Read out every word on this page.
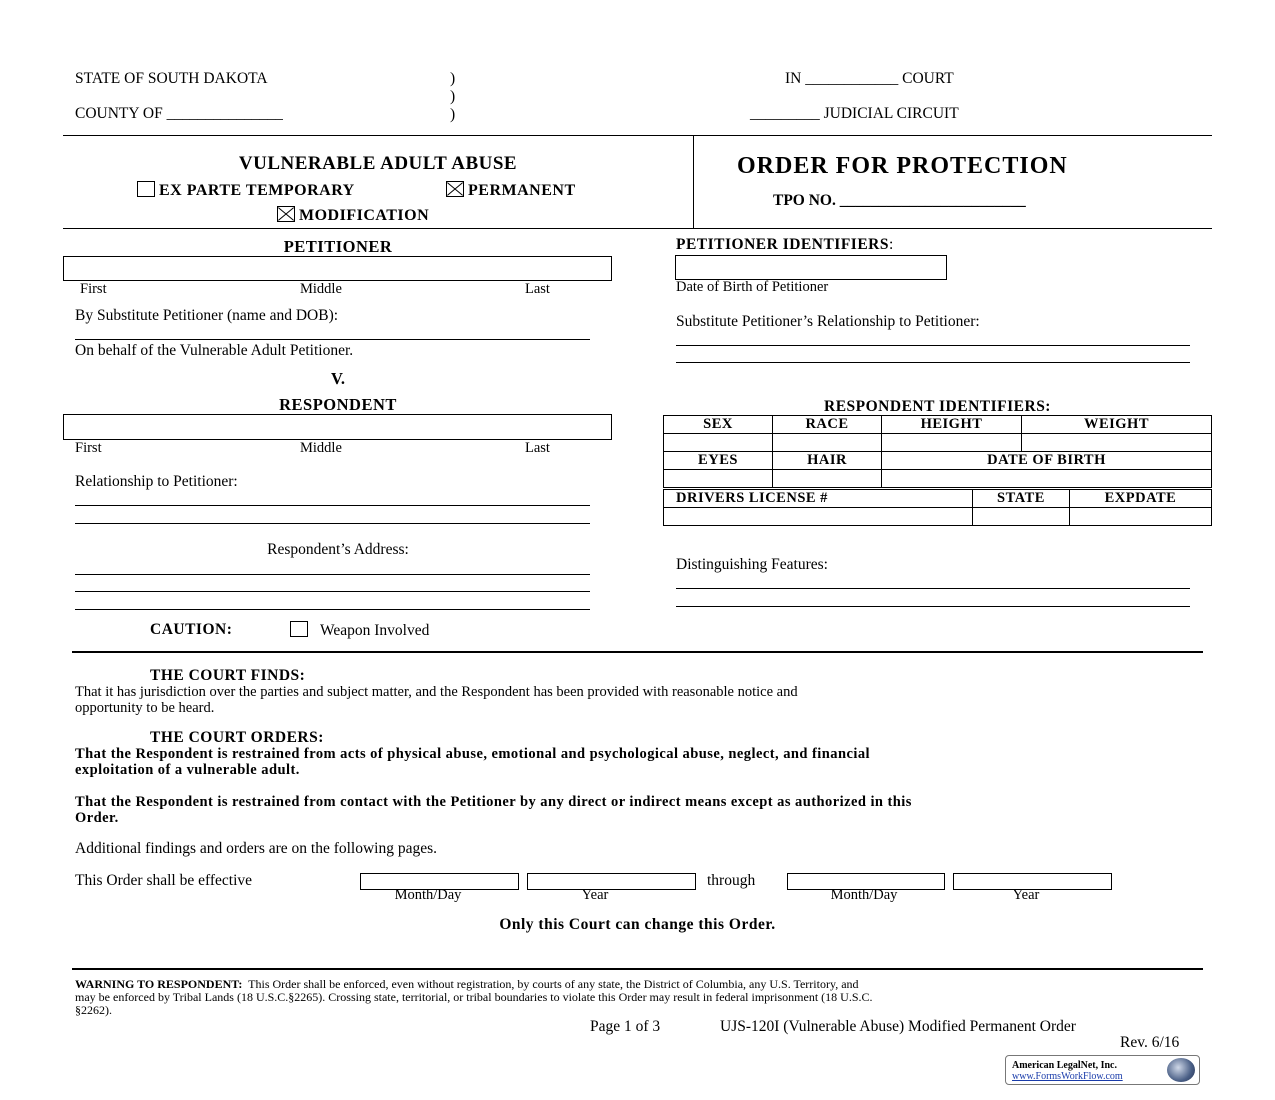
STATE OF SOUTH DAKOTA
COUNTY OF _______________
)
)
)
IN ____________ COURT
_________ JUDICIAL CIRCUIT
VULNERABLE ADULT ABUSE
EX PARTE TEMPORARY	PERMANENT
MODIFICATION
ORDER FOR PROTECTION
TPO NO. ________________________
PETITIONER
First	Middle	Last
By Substitute Petitioner (name and DOB):
On behalf of the Vulnerable Adult Petitioner.
V.
PETITIONER IDENTIFIERS:
Date of Birth of Petitioner
Substitute Petitioner’s Relationship to Petitioner:
RESPONDENT
First	Middle	Last
Relationship to Petitioner:
Respondent’s Address:
RESPONDENT IDENTIFIERS:
SEX	RACE	HEIGHT	WEIGHT

EYES	HAIR	DATE OF BIRTH	

DRIVERS LICENSE #	STATE	EXPDATE

Distinguishing Features:
CAUTION:	Weapon Involved
THE COURT FINDS:
That it has jurisdiction over the parties and subject matter, and the Respondent has been provided with reasonable notice and
opportunity to be heard.
THE COURT ORDERS:
That the Respondent is restrained from acts of physical abuse, emotional and psychological abuse, neglect, and financial
exploitation of a vulnerable adult.
That the Respondent is restrained from contact with the Petitioner by any direct or indirect means except as authorized in this
Order.
Additional findings and orders are on the following pages.
This Order shall be effective	through
Month/Day	Year	Month/Day	Year
Only this Court can change this Order.
WARNING TO RESPONDENT: This Order shall be enforced, even without registration, by courts of any state, the District of Columbia, any U.S. Territory, and
may be enforced by Tribal Lands (18 U.S.C.§2265). Crossing state, territorial, or tribal boundaries to violate this Order may result in federal imprisonment (18 U.S.C.
§2262).
Page 1 of 3	UJS-120I (Vulnerable Abuse) Modified Permanent Order
Rev. 6/16
American LegalNet, Inc.
www.FormsWorkFlow.com
